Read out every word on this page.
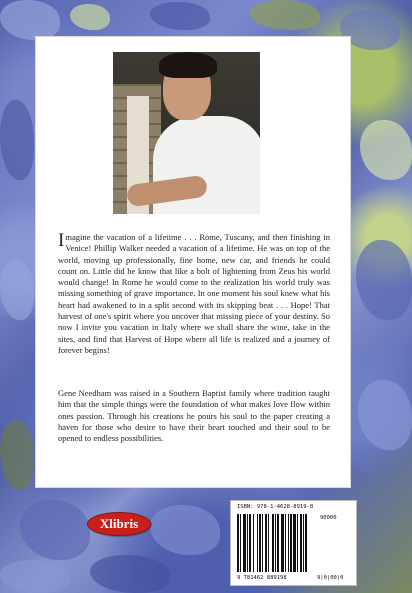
Imagine the vacation of a lifetime . . . Rome, Tuscany, and then finishing in Venice! Phillip Walker needed a vacation of a lifetime. He was on top of the world, moving up professionally, fine home, new car, and friends he could count on. Little did he know that like a bolt of lightening from Zeus his world would change! In Rome he would come to the realization his world truly was missing something of grave importance. In one moment his soul knew what his heart had awakened to in a split second with its skipping beat . . . Hope! That harvest of one's spirit where you uncover that missing piece of your destiny. So now I invite you vacation in Italy where we shall share the wine, take in the sites, and find that Harvest of Hope where all life is realized and a journey of forever begins!

Gene Needham was raised in a Southern Baptist family where tradition taught him that the simple things were the foundation of what makes love flow within ones passion. Through his creations he pours his soul to the paper creating a haven for those who desire to have their heart touched and their soul to be opened to endless possibilities.

Xlibris
ISBN: 978-1-4628-8919-8
90000
9 781462 889198	9|0|00|0
